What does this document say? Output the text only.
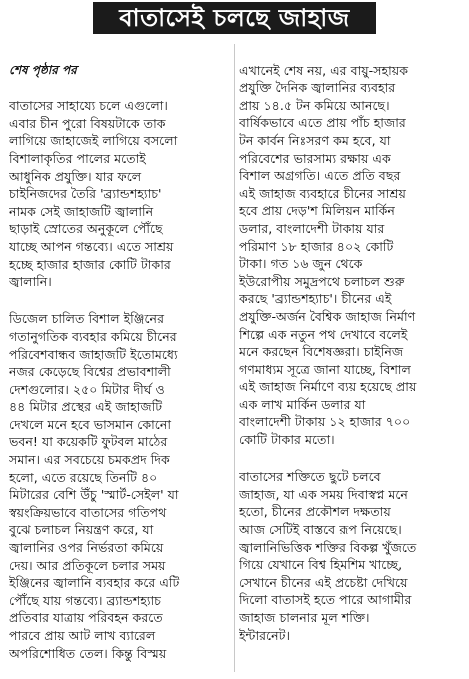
বাতাসেই চলছে জাহাজ

শেষ পৃষ্ঠার পর

বাতাসের সাহায্যে চলে এগুলো।
এবার চীন পুরো বিষয়টাকে তাক
লাগিয়ে জাহাজেই লাগিয়ে বসলো
বিশালাকৃতির পালের মতোই
আধুনিক প্রযুক্তি। যার ফলে
চাইনিজদের তৈরি 'ব্র্যান্ডশহ্যাচ'
নামক সেই জাহাজটি জ্বালানি
ছাড়াই স্রোতের অনুকূলে পৌঁছে
যাচ্ছে আপন গন্তব্যে। এতে সাশ্রয়
হচ্ছে হাজার হাজার কোটি টাকার
জ্বালানি।

ডিজেল চালিত বিশাল ইঞ্জিনের
গতানুগতিক ব্যবহার কমিয়ে চীনের
পরিবেশবান্ধব জাহাজটি ইতোমধ্যে
নজর কেড়েছে বিশ্বের প্রভাবশালী
দেশগুলোর। ২৫০ মিটার দীর্ঘ ও
৪৪ মিটার প্রস্থের এই জাহাজটি
দেখলে মনে হবে ভাসমান কোনো
ভবন! যা কয়েকটি ফুটবল মাঠের
সমান। এর সবচেয়ে চমকপ্রদ দিক
হলো, এতে রয়েছে তিনটি ৪০
মিটারের বেশি উঁচু 'স্মার্ট-সেইল' যা
স্বয়ংক্রিয়ভাবে বাতাসের গতিপথ
বুঝে চলাচল নিয়ন্ত্রণ করে, যা
জ্বালানির ওপর নির্ভরতা কমিয়ে
দেয়। আর প্রতিকূলে চলার সময়
ইঞ্জিনের জ্বালানি ব্যবহার করে এটি
পৌঁছে যায় গন্তব্যে। ব্র্যান্ডশহ্যাচ
প্রতিবার যাত্রায় পরিবহন করতে
পারবে প্রায় আট লাখ ব্যারেল
অপরিশোধিত তেল। কিন্তু বিস্ময়

এখানেই শেষ নয়, এর বায়ু-সহায়ক
প্রযুক্তি দৈনিক জ্বালানির ব্যবহার
প্রায় ১৪.৫ টন কমিয়ে আনছে।
বার্ষিকভাবে এতে প্রায় পাঁচ হাজার
টন কার্বন নিঃসরণ কম হবে, যা
পরিবেশের ভারসাম্য রক্ষায় এক
বিশাল অগ্রগতি। এতে প্রতি বছর
এই জাহাজ ব্যবহারে চীনের সাশ্রয়
হবে প্রায় দেড়'শ মিলিয়ন মার্কিন
ডলার, বাংলাদেশী টাকায় যার
পরিমাণ ১৮ হাজার ৪০২ কোটি
টাকা। গত ১৬ জুন থেকে
ইউরোপীয় সমুদ্রপথে চলাচল শুরু
করছে 'ব্র্যান্ডশহ্যাচ'। চীনের এই
প্রযুক্তি-অর্জন বৈশ্বিক জাহাজ নির্মাণ
শিল্পে এক নতুন পথ দেখাবে বলেই
মনে করছেন বিশেষজ্ঞরা। চাইনিজ
গণমাধ্যম সূত্রে জানা যাচ্ছে, বিশাল
এই জাহাজ নির্মাণে ব্যয় হয়েছে প্রায়
এক লাখ মার্কিন ডলার যা
বাংলাদেশী টাকায় ১২ হাজার ৭০০
কোটি টাকার মতো।

বাতাসের শক্তিতে ছুটে চলবে
জাহাজ, যা এক সময় দিবাস্বপ্ন মনে
হতো, চীনের প্রকৌশল দক্ষতায়
আজ সেটিই বাস্তবে রূপ নিয়েছে।
জ্বালানিভিত্তিক শক্তির বিকল্প খুঁজতে
গিয়ে যেখানে বিশ্ব হিমশিম খাচ্ছে,
সেখানে চীনের এই প্রচেষ্টা দেখিয়ে
দিলো বাতাসই হতে পারে আগামীর
জাহাজ চালনার মূল শক্তি।
ইন্টারনেট।
